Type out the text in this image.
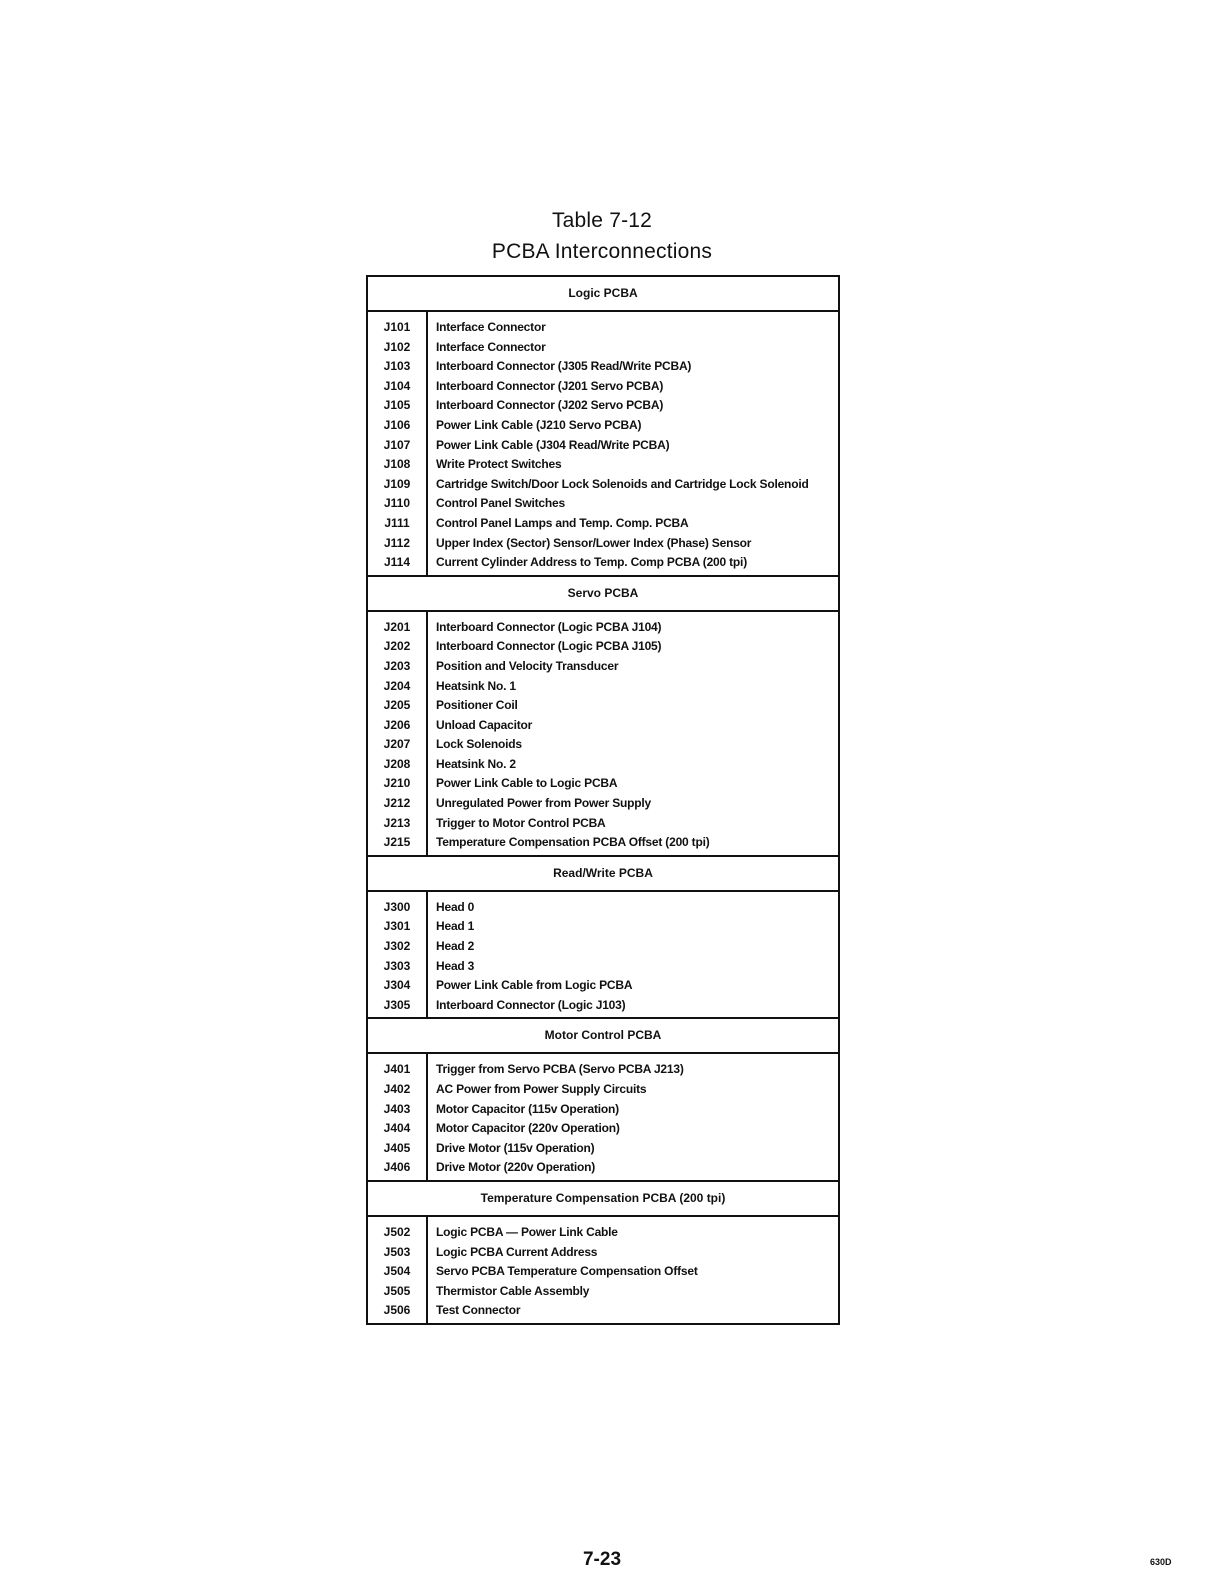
Table 7-12
PCBA Interconnections
Logic PCBA
J101	Interface Connector
J102	Interface Connector
J103	Interboard Connector (J305 Read/Write PCBA)
J104	Interboard Connector (J201 Servo PCBA)
J105	Interboard Connector (J202 Servo PCBA)
J106	Power Link Cable (J210 Servo PCBA)
J107	Power Link Cable (J304 Read/Write PCBA)
J108	Write Protect Switches
J109	Cartridge Switch/Door Lock Solenoids and Cartridge Lock Solenoid
J110	Control Panel Switches
J111	Control Panel Lamps and Temp. Comp. PCBA
J112	Upper Index (Sector) Sensor/Lower Index (Phase) Sensor
J114	Current Cylinder Address to Temp. Comp PCBA (200 tpi)
Servo PCBA
J201	Interboard Connector (Logic PCBA J104)
J202	Interboard Connector (Logic PCBA J105)
J203	Position and Velocity Transducer
J204	Heatsink No. 1
J205	Positioner Coil
J206	Unload Capacitor
J207	Lock Solenoids
J208	Heatsink No. 2
J210	Power Link Cable to Logic PCBA
J212	Unregulated Power from Power Supply
J213	Trigger to Motor Control PCBA
J215	Temperature Compensation PCBA Offset (200 tpi)
Read/Write PCBA
J300	Head 0
J301	Head 1
J302	Head 2
J303	Head 3
J304	Power Link Cable from Logic PCBA
J305	Interboard Connector (Logic J103)
Motor Control PCBA
J401	Trigger from Servo PCBA (Servo PCBA J213)
J402	AC Power from Power Supply Circuits
J403	Motor Capacitor (115v Operation)
J404	Motor Capacitor (220v Operation)
J405	Drive Motor (115v Operation)
J406	Drive Motor (220v Operation)
Temperature Compensation PCBA (200 tpi)
J502	Logic PCBA — Power Link Cable
J503	Logic PCBA Current Address
J504	Servo PCBA Temperature Compensation Offset
J505	Thermistor Cable Assembly
J506	Test Connector
7-23	630D
